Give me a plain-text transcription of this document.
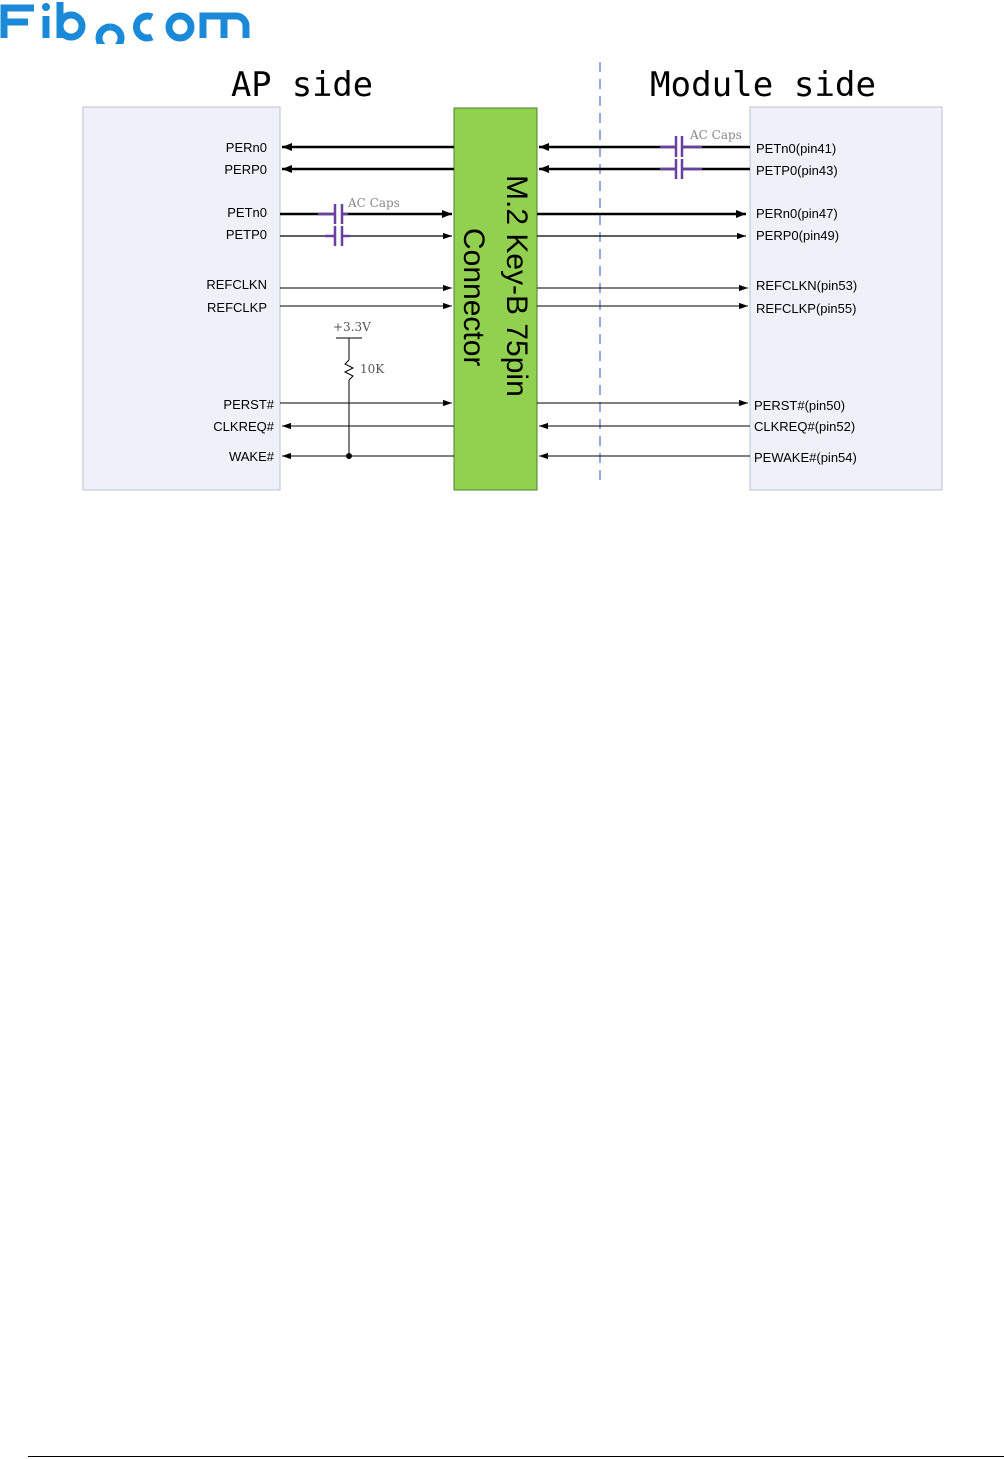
M.2 Key-B 75pin
Connector
AP side	Module side
PERn0
PERP0
PETn0
PETP0
REFCLKN
REFCLKP
PERST#
CLKREQ#
WAKE#
PETn0(pin41)
PETP0(pin43)
PERn0(pin47)
PERP0(pin49)
REFCLKN(pin53)
REFCLKP(pin55)
PERST#(pin50)
CLKREQ#(pin52)
PEWAKE#(pin54)
AC Caps
+3.3V
10K
AC Caps
